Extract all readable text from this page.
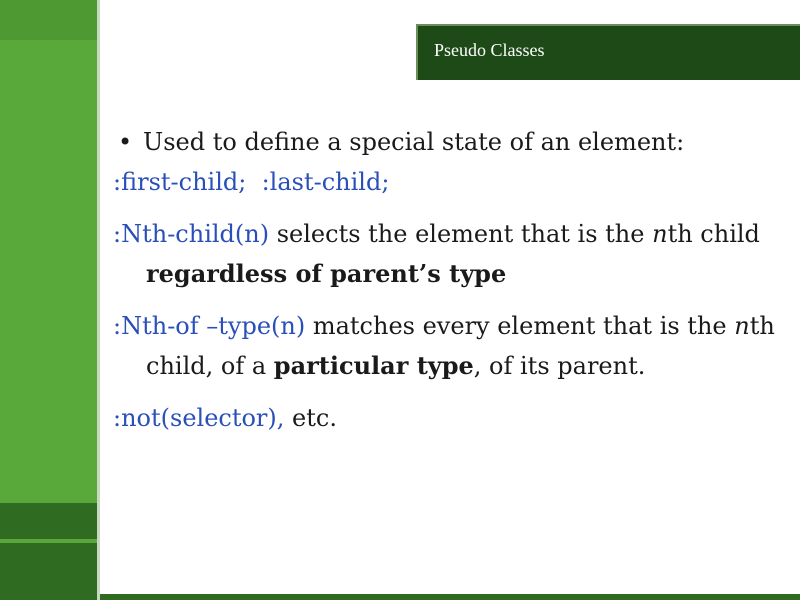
Pseudo Classes

• Used to define a special state of an element:

:first-child;  :last-child;

:Nth-child(n) selects the element that is the nth child regardless of parent’s type

:Nth-of –type(n) matches every element that is the nth child, of a particular type, of its parent.

:not(selector), etc.
